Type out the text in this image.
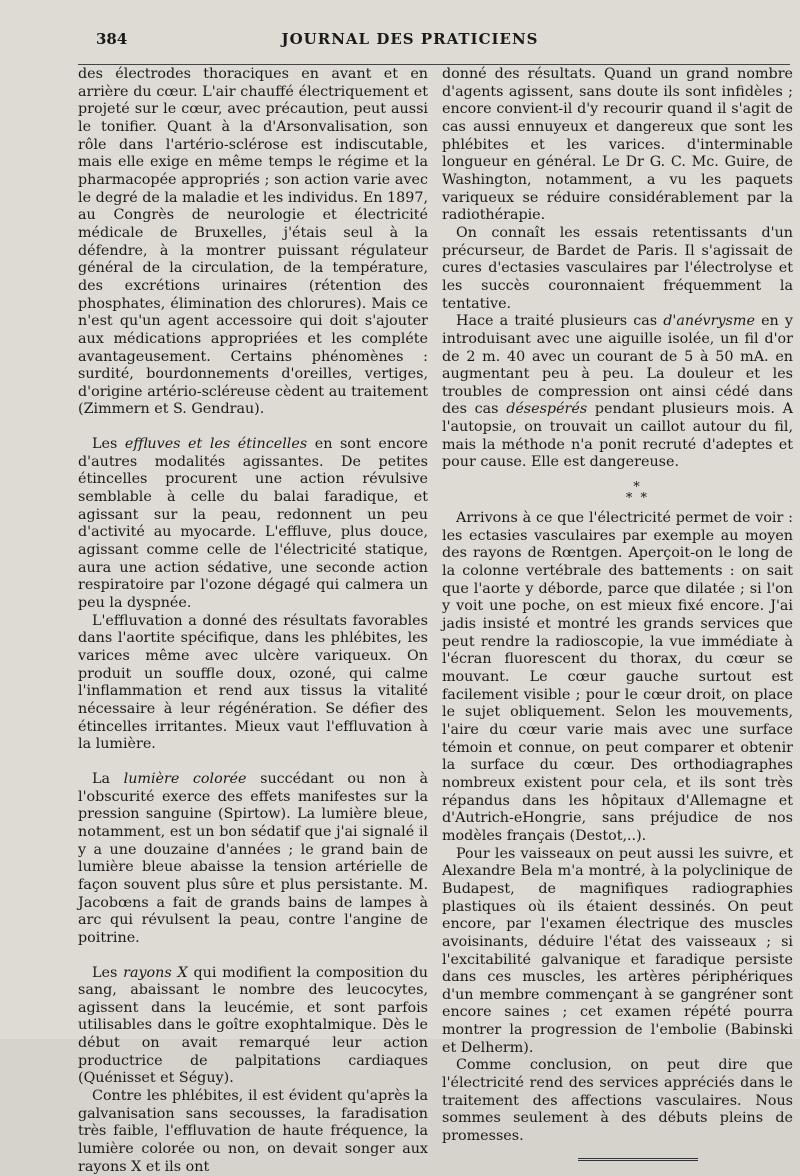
384	JOURNAL DES PRATICIENS

des électrodes thoraciques en avant et en arrière du cœur. L'air chauffé électriquement et projeté sur le cœur, avec précaution, peut aussi le tonifier. Quant à la d'Arsonvalisation, son rôle dans l'artério-sclérose est indiscutable, mais elle exige en même temps le régime et la pharmacopée appropriés ; son action varie avec le degré de la maladie et les individus. En 1897, au Congrès de neurologie et électricité médicale de Bruxelles, j'étais seul à la défendre, à la montrer puissant régulateur général de la circulation, de la température, des excrétions urinaires (rétention des phosphates, élimination des chlorures). Mais ce n'est qu'un agent accessoire qui doit s'ajouter aux médications appropriées et les compléte avantageusement. Certains phénomènes : surdité, bourdonnements d'oreilles, vertiges, d'origine artério-scléreuse cèdent au traitement (Zimmern et S. Gendrau).

Les effluves et les étincelles en sont encore d'autres modalités agissantes. De petites étincelles procurent une action révulsive semblable à celle du balai faradique, et agissant sur la peau, redonnent un peu d'activité au myocarde. L'effluve, plus douce, agissant comme celle de l'électricité statique, aura une action sédative, une seconde action respiratoire par l'ozone dégagé qui calmera un peu la dyspnée.

L'effluvation a donné des résultats favorables dans l'aortite spécifique, dans les phlébites, les varices même avec ulcère variqueux. On produit un souffle doux, ozoné, qui calme l'inflammation et rend aux tissus la vitalité nécessaire à leur régénération. Se défier des étincelles irritantes. Mieux vaut l'effluvation à la lumière.

La lumière colorée succédant ou non à l'obscurité exerce des effets manifestes sur la pression sanguine (Spirtow). La lumière bleue, notamment, est un bon sédatif que j'ai signalé il y a une douzaine d'années ; le grand bain de lumière bleue abaisse la tension artérielle de façon souvent plus sûre et plus persistante. M. Jacobœns a fait de grands bains de lampes à arc qui révulsent la peau, contre l'angine de poitrine.

Les rayons X qui modifient la composition du sang, abaissant le nombre des leucocytes, agissent dans la leucémie, et sont parfois utilisables dans le goître exophtalmique. Dès le début on avait remarqué leur action productrice de palpitations cardiaques (Quénisset et Séguy).

Contre les phlébites, il est évident qu'après la galvanisation sans secousses, la faradisation très faible, l'effluvation de haute fréquence, la lumière colorée ou non, on devait songer aux rayons X et ils ont

donné des résultats. Quand un grand nombre d'agents agissent, sans doute ils sont infidèles ; encore convient-il d'y recourir quand il s'agit de cas aussi ennuyeux et dangereux que sont les phlébites et les varices. d'interminable longueur en général. Le Dr G. C. Mc. Guire, de Washington, notamment, a vu les paquets variqueux se réduire considérablement par la radiothérapie.

On connaît les essais retentissants d'un précurseur, de Bardet de Paris. Il s'agissait de cures d'ectasies vasculaires par l'électrolyse et les succès couronnaient fréquemment la tentative.

Hace a traité plusieurs cas d'anévrysme en y introduisant avec une aiguille isolée, un fil d'or de 2 m. 40 avec un courant de 5 à 50 mA. en augmentant peu à peu. La douleur et les troubles de compression ont ainsi cédé dans des cas désespérés pendant plusieurs mois. A l'autopsie, on trouvait un caillot autour du fil, mais la méthode n'a ponit recruté d'adeptes et pour cause. Elle est dangereuse.

*
* *

Arrivons à ce que l'électricité permet de voir : les ectasies vasculaires par exemple au moyen des rayons de Rœntgen. Aperçoit-on le long de la colonne vertébrale des battements : on sait que l'aorte y déborde, parce que dilatée ; si l'on y voit une poche, on est mieux fixé encore. J'ai jadis insisté et montré les grands services que peut rendre la radioscopie, la vue immédiate à l'écran fluorescent du thorax, du cœur se mouvant. Le cœur gauche surtout est facilement visible ; pour le cœur droit, on place le sujet obliquement. Selon les mouvements, l'aire du cœur varie mais avec une surface témoin et connue, on peut comparer et obtenir la surface du cœur. Des orthodiagraphes nombreux existent pour cela, et ils sont très répandus dans les hôpitaux d'Allemagne et d'Autrich-eHongrie, sans préjudice de nos modèles français (Destot,..).

Pour les vaisseaux on peut aussi les suivre, et Alexandre Bela m'a montré, à la polyclinique de Budapest, de magnifiques radiographies plastiques où ils étaient dessinés. On peut encore, par l'examen électrique des muscles avoisinants, déduire l'état des vaisseaux ; si l'excitabilité galvanique et faradique persiste dans ces muscles, les artères périphériques d'un membre commençant à se gangréner sont encore saines ; cet examen répété pourra montrer la progression de l'embolie (Babinski et Delherm).

Comme conclusion, on peut dire que l'électricité rend des services appréciés dans le traitement des affections vasculaires. Nous sommes seulement à des débuts pleins de promesses.
